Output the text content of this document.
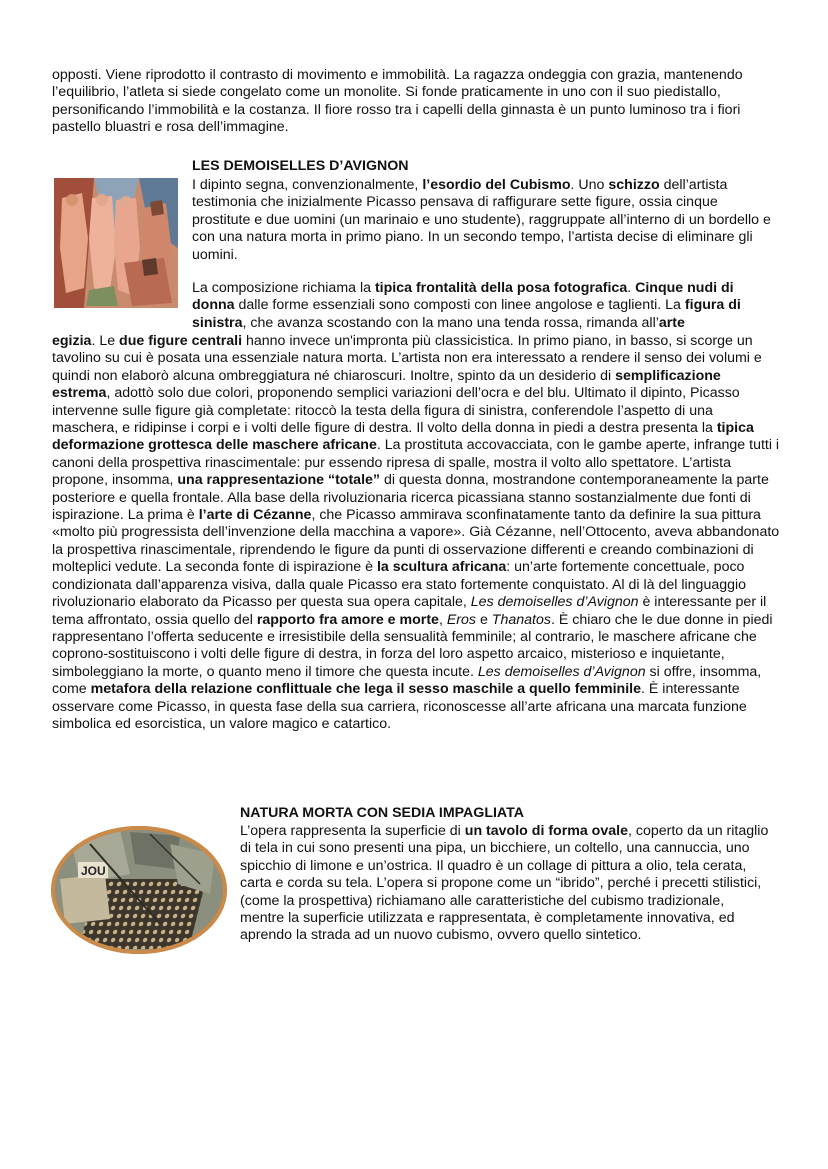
opposti. Viene riprodotto il contrasto di movimento e immobilità. La ragazza ondeggia con grazia, mantenendo l’equilibrio, l’atleta si siede congelato come un monolite. Si fonde praticamente in uno con il suo piedistallo, personificando l’immobilità e la costanza. Il fiore rosso tra i capelli della ginnasta è un punto luminoso tra i fiori pastello bluastri e rosa dell’immagine.

LES DEMOISELLES D’AVIGNON

I dipinto segna, convenzionalmente, l’esordio del Cubismo. Uno schizzo dell’artista testimonia che inizialmente Picasso pensava di raffigurare sette figure, ossia cinque prostitute e due uomini (un marinaio e uno studente), raggruppate all’interno di un bordello e con una natura morta in primo piano. In un secondo tempo, l’artista decise di eliminare gli uomini.

La composizione richiama la tipica frontalità della posa fotografica. Cinque nudi di donna dalle forme essenziali sono composti con linee angolose e taglienti. La figura di sinistra, che avanza scostando con la mano una tenda rossa, rimanda all’arte

egizia. Le due figure centrali hanno invece un'impronta più classicistica. In primo piano, in basso, si scorge un tavolino su cui è posata una essenziale natura morta. L’artista non era interessato a rendere il senso dei volumi e quindi non elaborò alcuna ombreggiatura né chiaroscuri. Inoltre, spinto da un desiderio di semplificazione estrema, adottò solo due colori, proponendo semplici variazioni dell’ocra e del blu. Ultimato il dipinto, Picasso intervenne sulle figure già completate: ritoccò la testa della figura di sinistra, conferendole l’aspetto di una maschera, e ridipinse i corpi e i volti delle figure di destra. Il volto della donna in piedi a destra presenta la tipica deformazione grottesca delle maschere africane. La prostituta accovacciata, con le gambe aperte, infrange tutti i canoni della prospettiva rinascimentale: pur essendo ripresa di spalle, mostra il volto allo spettatore. L’artista propone, insomma, una rappresentazione “totale” di questa donna, mostrandone contemporaneamente la parte posteriore e quella frontale. Alla base della rivoluzionaria ricerca picassiana stanno sostanzialmente due fonti di ispirazione. La prima è l’arte di Cézanne, che Picasso ammirava sconfinatamente tanto da definire la sua pittura «molto più progressista dell’invenzione della macchina a vapore». Già Cézanne, nell’Ottocento, aveva abbandonato la prospettiva rinascimentale, riprendendo le figure da punti di osservazione differenti e creando combinazioni di molteplici vedute. La seconda fonte di ispirazione è la scultura africana: un’arte fortemente concettuale, poco condizionata dall’apparenza visiva, dalla quale Picasso era stato fortemente conquistato. Al di là del linguaggio rivoluzionario elaborato da Picasso per questa sua opera capitale, Les demoiselles d’Avignon è interessante per il tema affrontato, ossia quello del rapporto fra amore e morte, Eros e Thanatos. È chiaro che le due donne in piedi rappresentano l’offerta seducente e irresistibile della sensualità femminile; al contrario, le maschere africane che coprono-sostituiscono i volti delle figure di destra, in forza del loro aspetto arcaico, misterioso e inquietante, simboleggiano la morte, o quanto meno il timore che questa incute. Les demoiselles d’Avignon si offre, insomma, come metafora della relazione conflittuale che lega il sesso maschile a quello femminile. È interessante osservare come Picasso, in questa fase della sua carriera, riconoscesse all’arte africana una marcata funzione simbolica ed esorcistica, un valore magico e catartico.

JOU
NATURA MORTA CON SEDIA IMPAGLIATA

L’opera rappresenta la superficie di un tavolo di forma ovale, coperto da un ritaglio di tela in cui sono presenti una pipa, un bicchiere, un coltello, una cannuccia, uno spicchio di limone e un’ostrica. Il quadro è un collage di pittura a olio, tela cerata, carta e corda su tela. L’opera si propone come un “ibrido”, perché i precetti stilistici, (come la prospettiva) richiamano alle caratteristiche del cubismo tradizionale, mentre la superficie utilizzata e rappresentata, è completamente innovativa, ed aprendo la strada ad un nuovo cubismo, ovvero quello sintetico.
